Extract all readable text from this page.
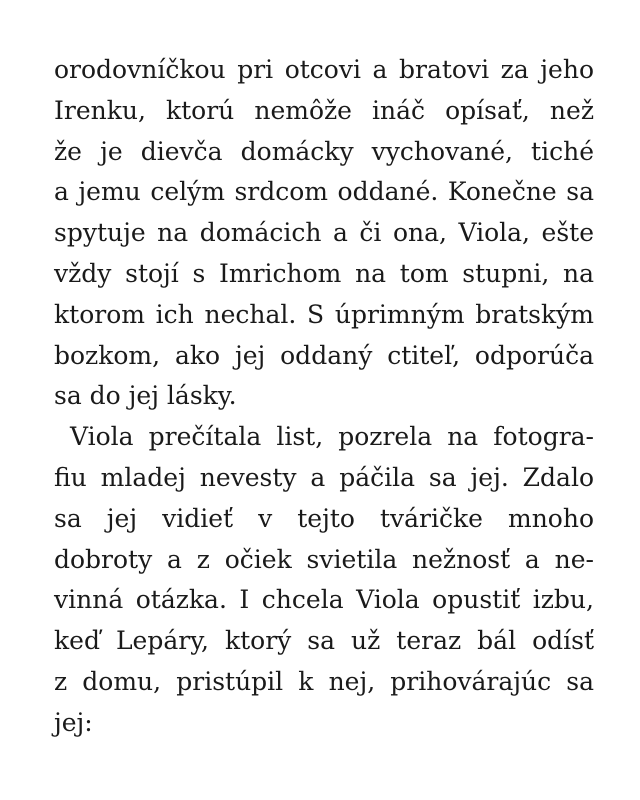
orodovníčkou pri otcovi a bratovi za jeho
Irenku, ktorú nemôže ináč opísať, než
že je dievča domácky vychované, tiché
a jemu celým srdcom oddané. Konečne sa
spytuje na domácich a či ona, Viola, ešte
vždy stojí s Imrichom na tom stupni, na
ktorom ich nechal. S úprimným bratským
bozkom, ako jej oddaný ctiteľ, odporúča
sa do jej lásky.
Viola prečítala list, pozrela na fotogra-
fiu mladej nevesty a páčila sa jej. Zdalo
sa jej vidieť v tejto tváričke mnoho
dobroty a z očiek svietila nežnosť a ne-
vinná otázka. I chcela Viola opustiť izbu,
keď Lepáry, ktorý sa už teraz bál odísť
z domu, pristúpil k nej, prihovárajúc sa
jej:
